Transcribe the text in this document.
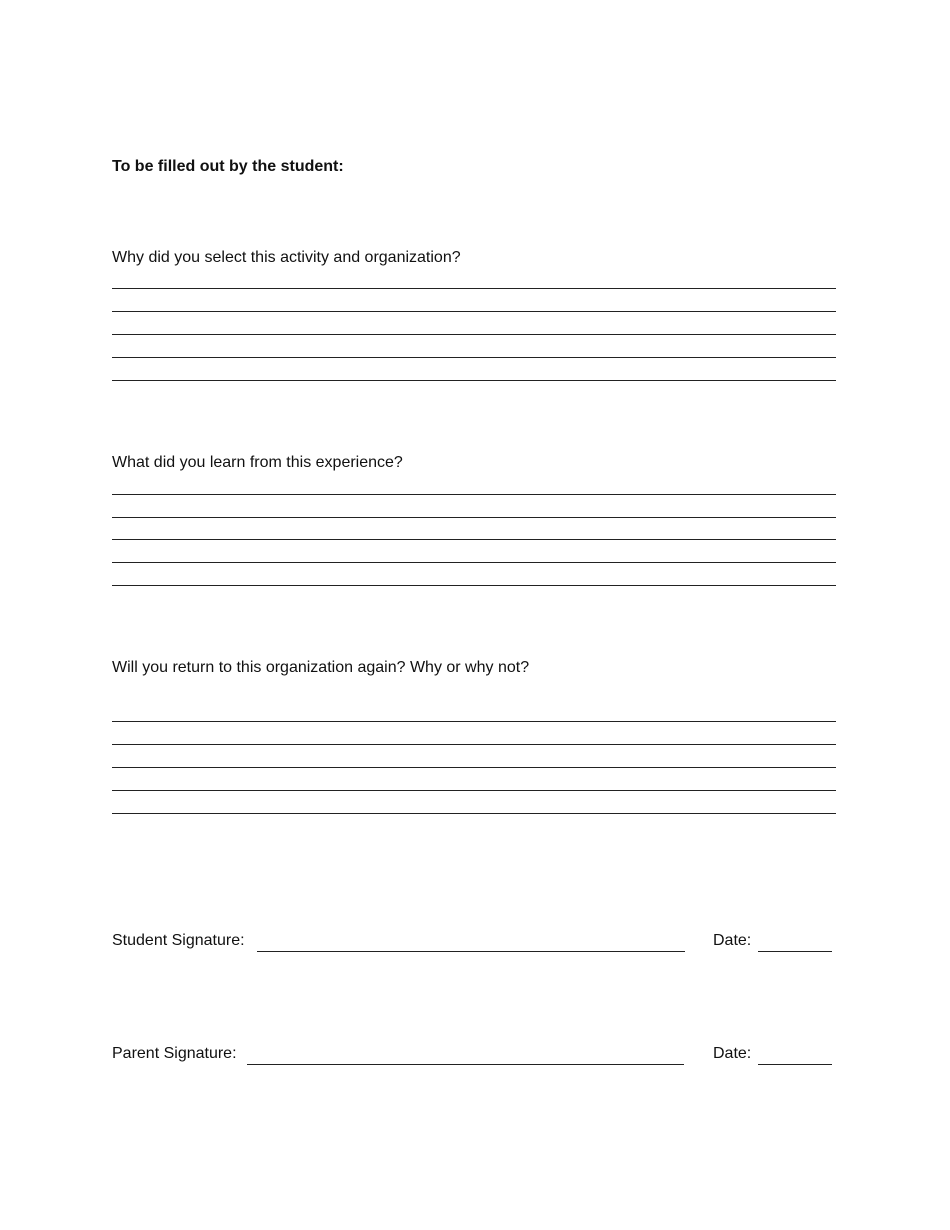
To be filled out by the student:

Why did you select this activity and organization?

What did you learn from this experience?

Will you return to this organization again? Why or why not?

Student Signature:	Date:
Parent Signature:	Date:
